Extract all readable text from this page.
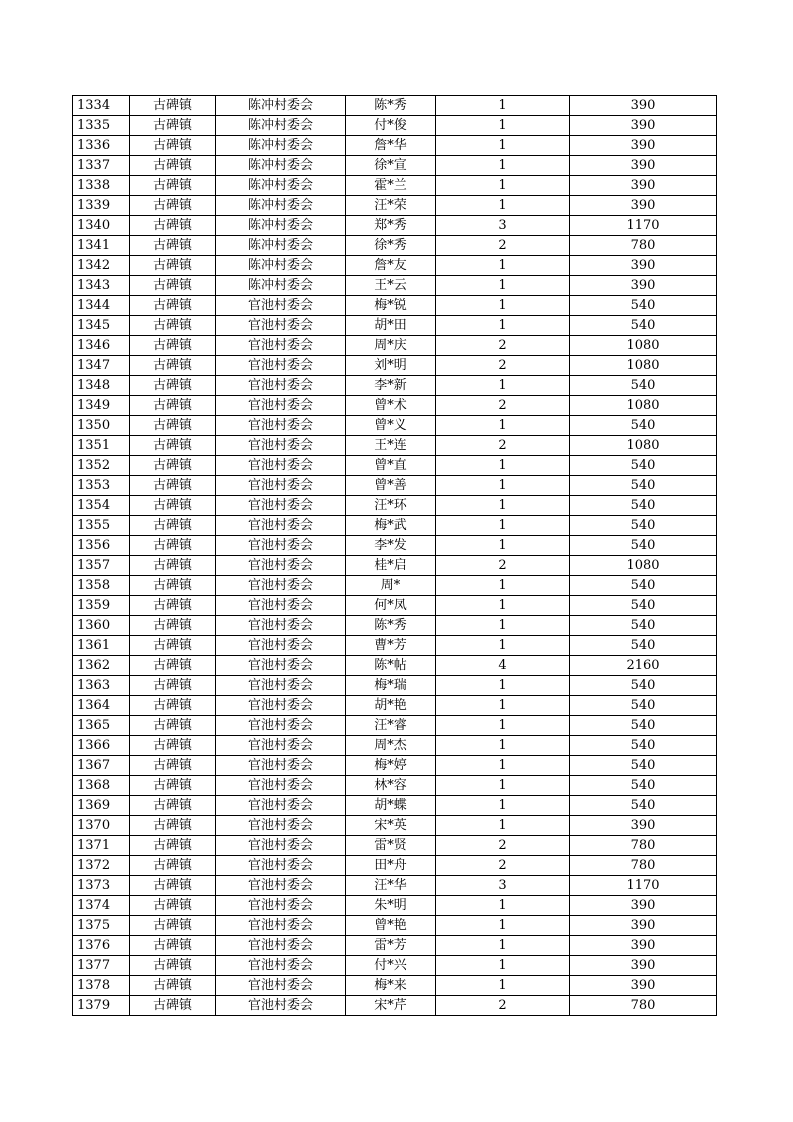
1334	古碑镇	陈冲村委会	陈*秀	1	390
1335	古碑镇	陈冲村委会	付*俊	1	390
1336	古碑镇	陈冲村委会	詹*华	1	390
1337	古碑镇	陈冲村委会	徐*宣	1	390
1338	古碑镇	陈冲村委会	霍*兰	1	390
1339	古碑镇	陈冲村委会	汪*荣	1	390
1340	古碑镇	陈冲村委会	郑*秀	3	1170
1341	古碑镇	陈冲村委会	徐*秀	2	780
1342	古碑镇	陈冲村委会	詹*友	1	390
1343	古碑镇	陈冲村委会	王*云	1	390
1344	古碑镇	官池村委会	梅*锐	1	540
1345	古碑镇	官池村委会	胡*田	1	540
1346	古碑镇	官池村委会	周*庆	2	1080
1347	古碑镇	官池村委会	刘*明	2	1080
1348	古碑镇	官池村委会	李*新	1	540
1349	古碑镇	官池村委会	曾*术	2	1080
1350	古碑镇	官池村委会	曾*义	1	540
1351	古碑镇	官池村委会	王*连	2	1080
1352	古碑镇	官池村委会	曾*直	1	540
1353	古碑镇	官池村委会	曾*善	1	540
1354	古碑镇	官池村委会	汪*环	1	540
1355	古碑镇	官池村委会	梅*武	1	540
1356	古碑镇	官池村委会	李*发	1	540
1357	古碑镇	官池村委会	桂*启	2	1080
1358	古碑镇	官池村委会	周*	1	540
1359	古碑镇	官池村委会	何*凤	1	540
1360	古碑镇	官池村委会	陈*秀	1	540
1361	古碑镇	官池村委会	曹*芳	1	540
1362	古碑镇	官池村委会	陈*帖	4	2160
1363	古碑镇	官池村委会	梅*瑞	1	540
1364	古碑镇	官池村委会	胡*艳	1	540
1365	古碑镇	官池村委会	汪*睿	1	540
1366	古碑镇	官池村委会	周*杰	1	540
1367	古碑镇	官池村委会	梅*婷	1	540
1368	古碑镇	官池村委会	林*容	1	540
1369	古碑镇	官池村委会	胡*蝶	1	540
1370	古碑镇	官池村委会	宋*英	1	390
1371	古碑镇	官池村委会	雷*贤	2	780
1372	古碑镇	官池村委会	田*舟	2	780
1373	古碑镇	官池村委会	汪*华	3	1170
1374	古碑镇	官池村委会	朱*明	1	390
1375	古碑镇	官池村委会	曾*艳	1	390
1376	古碑镇	官池村委会	雷*芳	1	390
1377	古碑镇	官池村委会	付*兴	1	390
1378	古碑镇	官池村委会	梅*来	1	390
1379	古碑镇	官池村委会	宋*芹	2	780
